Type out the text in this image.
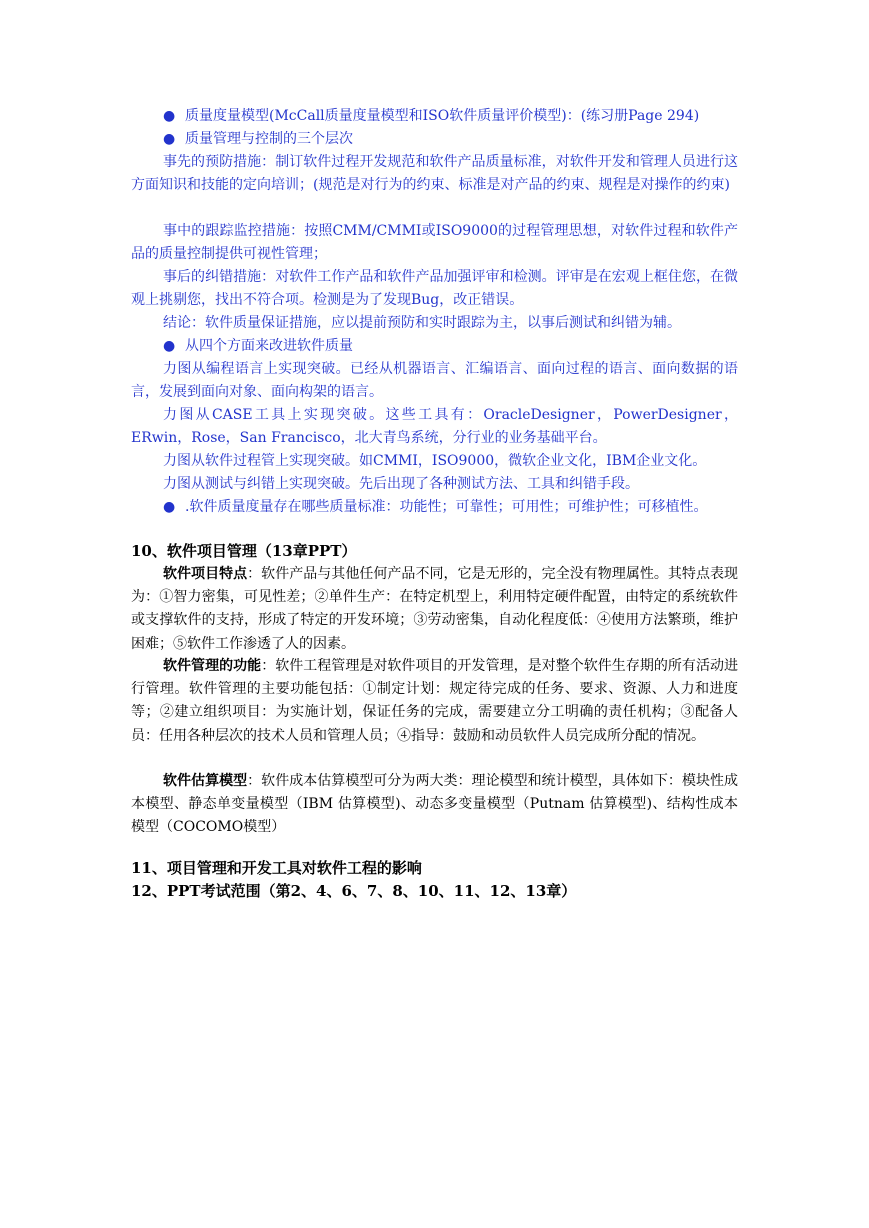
● 质量度量模型(McCall质量度量模型和ISO软件质量评价模型)：(练习册Page 294)
● 质量管理与控制的三个层次
事先的预防措施：制订软件过程开发规范和软件产品质量标准，对软件开发和管理人员进行这方面知识和技能的定向培训；(规范是对行为的约束、标准是对产品的约束、规程是对操作的约束)
事中的跟踪监控措施：按照CMM/CMMI或ISO9000的过程管理思想，对软件过程和软件产品的质量控制提供可视性管理；
事后的纠错措施：对软件工作产品和软件产品加强评审和检测。评审是在宏观上框住您，在微观上挑剔您，找出不符合项。检测是为了发现Bug，改正错误。
结论：软件质量保证措施，应以提前预防和实时跟踪为主，以事后测试和纠错为辅。
● 从四个方面来改进软件质量
力图从编程语言上实现突破。已经从机器语言、汇编语言、面向过程的语言、面向数据的语言，发展到面向对象、面向构架的语言。
力图从CASE工具上实现突破。这些工具有：OracleDesigner，PowerDesigner，ERwin，Rose，San Francisco，北大青鸟系统，分行业的业务基础平台。
力图从软件过程管上实现突破。如CMMI，ISO9000，微软企业文化，IBM企业文化。
力图从测试与纠错上实现突破。先后出现了各种测试方法、工具和纠错手段。
● .软件质量度量存在哪些质量标准：功能性；可靠性；可用性；可维护性；可移植性。
10、软件项目管理（13章PPT）
软件项目特点：软件产品与其他任何产品不同，它是无形的，完全没有物理属性。其特点表现为：①智力密集，可见性差；②单件生产：在特定机型上，利用特定硬件配置，由特定的系统软件或支撑软件的支持，形成了特定的开发环境；③劳动密集，自动化程度低：④使用方法繁琐，维护困难；⑤软件工作渗透了人的因素。
软件管理的功能：软件工程管理是对软件项目的开发管理，是对整个软件生存期的所有活动进行管理。软件管理的主要功能包括：①制定计划：规定待完成的任务、要求、资源、人力和进度等；②建立组织项目：为实施计划，保证任务的完成，需要建立分工明确的责任机构；③配备人员：任用各种层次的技术人员和管理人员；④指导：鼓励和动员软件人员完成所分配的情况。
软件估算模型：软件成本估算模型可分为两大类：理论模型和统计模型，具体如下：模块性成本模型、静态单变量模型（IBM 估算模型)、动态多变量模型（Putnam 估算模型)、结构性成本模型（COCOMO模型）
11、项目管理和开发工具对软件工程的影响
12、PPT考试范围（第2、4、6、7、8、10、11、12、13章）
